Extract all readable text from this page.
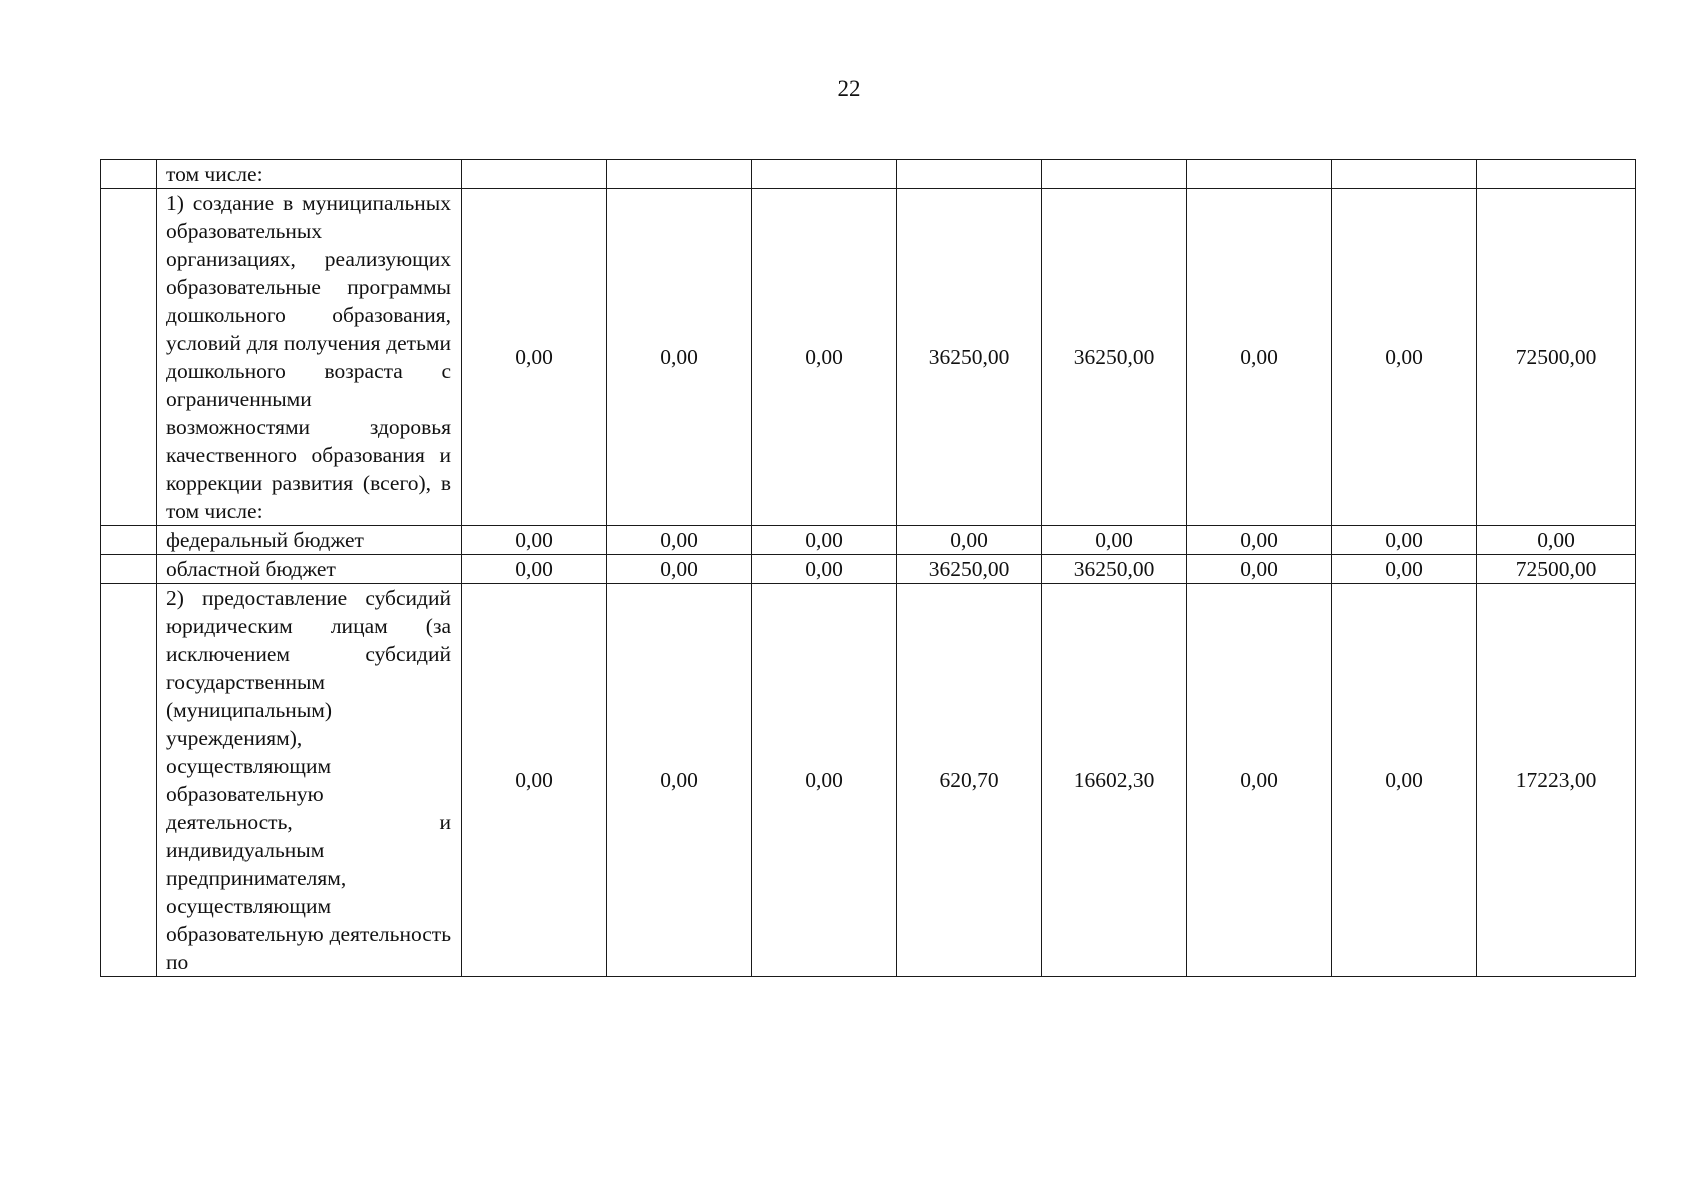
22
	том числе:								
	1) создание в муниципальных образовательных организациях, реализующих образовательные программы дошкольного образования, условий для получения детьми дошкольного возраста с ограниченными возможностями здоровья качественного образования и коррекции развития (всего), в том числе:	0,00	0,00	0,00	36250,00	36250,00	0,00	0,00	72500,00
	федеральный бюджет	0,00	0,00	0,00	0,00	0,00	0,00	0,00	0,00
	областной бюджет	0,00	0,00	0,00	36250,00	36250,00	0,00	0,00	72500,00
	2) предоставление субсидий юридическим лицам (за исключением субсидий государственным (муниципальным) учреждениям), осуществляющим образовательную деятельность, и индивидуальным предпринимателям, осуществляющим образовательную деятельность по	0,00	0,00	0,00	620,70	16602,30	0,00	0,00	17223,00
